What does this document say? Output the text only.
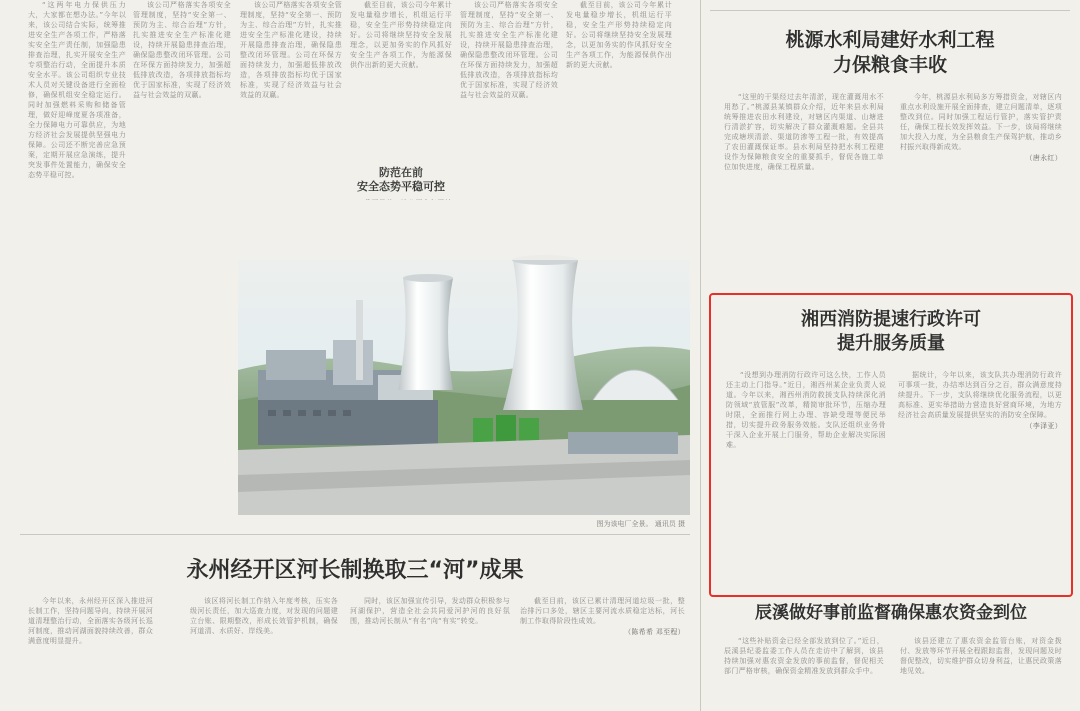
“这两年电力保供压力大，大家都在想办法。”今年以来，该公司结合实际，统筹推进安全生产各项工作，严格落实安全生产责任制，加强隐患排查治理，扎实开展安全生产专项整治行动，全面提升本质安全水平。该公司组织专业技术人员对关键设备进行全面检修，确保机组安全稳定运行。同时加强燃料采购和储备管理，做好迎峰度夏各项准备，全力保障电力可靠供应，为地方经济社会发展提供坚强电力保障。公司还不断完善应急预案，定期开展应急演练，提升突发事件处置能力，确保安全态势平稳可控。

该公司严格落实各项安全管理制度，坚持“安全第一、预防为主、综合治理”方针，扎实推进安全生产标准化建设，持续开展隐患排查治理，确保隐患整改闭环管理。公司在环保方面持续发力，加强超低排放改造，各项排放指标均优于国家标准，实现了经济效益与社会效益的双赢。

该公司严格落实各项安全管理制度，坚持“安全第一、预防为主、综合治理”方针，扎实推进安全生产标准化建设，持续开展隐患排查治理，确保隐患整改闭环管理。公司在环保方面持续发力，加强超低排放改造，各项排放指标均优于国家标准，实现了经济效益与社会效益的双赢。

截至目前，该公司今年累计发电量稳步增长，机组运行平稳，安全生产形势持续稳定向好。公司将继续坚持安全发展理念，以更加务实的作风抓好安全生产各项工作，为能源保供作出新的更大贡献。

防范在前
安全态势平稳可控

该公司严格落实各项安全管理制度，坚持“安全第一、预防为主、综合治理”方针，扎实推进安全生产标准化建设，持续开展隐患排查治理，确保隐患整改闭环管理。公司在环保方面持续发力，加强超低排放改造，各项排放指标均优于国家标准，实现了经济效益与社会效益的双赢。

截至目前，该公司今年累计发电量稳步增长，机组运行平稳，安全生产形势持续稳定向好。公司将继续坚持安全发展理念，以更加务实的作风抓好安全生产各项工作，为能源保供作出新的更大贡献。

图为该电厂全景。 通讯员 摄
永州经开区河长制换取三“河”成果

今年以来，永州经开区深入推进河长制工作，坚持问题导向，持续开展河道清理整治行动，全面落实各级河长巡河制度，推动河湖面貌持续改善，群众满意度明显提升。

该区将河长制工作纳入年度考核，压实各级河长责任，加大巡查力度，对发现的问题建立台账、限期整改，形成长效管护机制，确保河道清、水质好、岸线美。

同时，该区加强宣传引导，发动群众积极参与河湖保护，营造全社会共同爱河护河的良好氛围，推动河长制从“有名”向“有实”转变。

截至目前，该区已累计清理河道垃圾一批，整治排污口多处，辖区主要河流水质稳定达标，河长制工作取得阶段性成效。

（陈希希 邓至程）

桃源水利局建好水利工程
力保粮食丰收

“这里的干渠经过去年清淤，现在灌溉用水不用愁了。”桃源县某镇群众介绍，近年来县水利局统筹推进农田水利建设，对辖区内渠道、山塘进行清淤扩容，切实解决了群众灌溉难题。全县共完成塘坝清淤、渠道防渗等工程一批，有效提高了农田灌溉保证率。县水利局坚持把水利工程建设作为保障粮食安全的重要抓手，督促各施工单位加快进度，确保工程质量。

今年，桃源县水利局多方筹措资金，对辖区内重点水利设施开展全面排查，建立问题清单，逐项整改到位。同时加强工程运行管护，落实管护责任，确保工程长效发挥效益。下一步，该局将继续加大投入力度，为全县粮食生产保驾护航，推动乡村振兴取得新成效。

（唐永红）

湘西消防提速行政许可
提升服务质量

“没想到办理消防行政许可这么快，工作人员还主动上门指导。”近日，湘西州某企业负责人说道。今年以来，湘西州消防救援支队持续深化消防领域“放管服”改革，精简审批环节，压缩办理时限，全面推行网上办理、容缺受理等便民举措，切实提升政务服务效能。支队还组织业务骨干深入企业开展上门服务，帮助企业解决实际困难。

据统计，今年以来，该支队共办理消防行政许可事项一批，办结率达到百分之百，群众满意度持续提升。下一步，支队将继续优化服务流程，以更高标准、更实举措助力营造良好营商环境，为地方经济社会高质量发展提供坚实的消防安全保障。

（李泽亚）

辰溪做好事前监督确保惠农资金到位

“这些补贴资金已经全部发放到位了。”近日，辰溪县纪委监委工作人员在走访中了解到，该县持续加强对惠农资金发放的事前监督，督促相关部门严格审核，确保资金精准发放到群众手中。

该县还建立了惠农资金监管台账，对资金拨付、发放等环节开展全程跟踪监督，发现问题及时督促整改，切实维护群众切身利益，让惠民政策落地见效。
